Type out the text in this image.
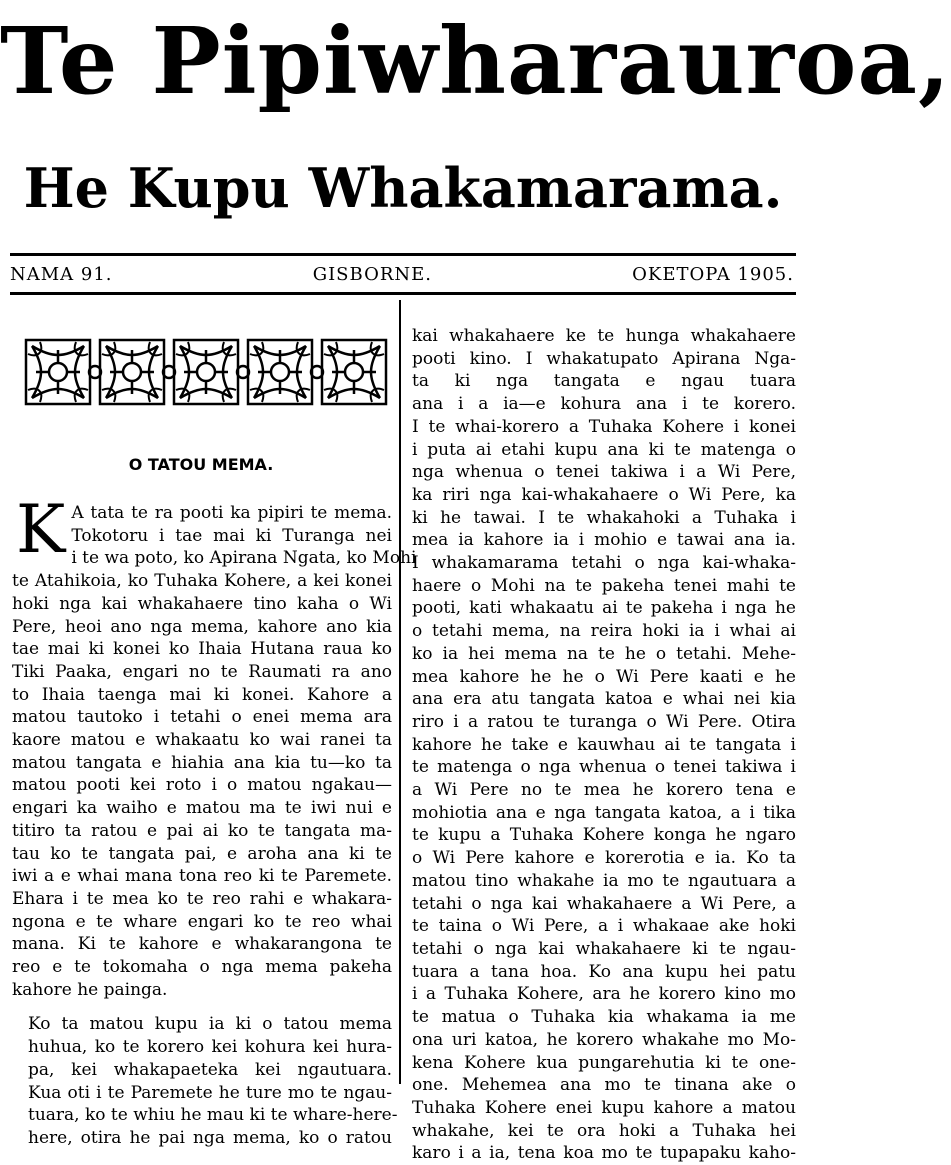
Te Pipiwharauroa,
He Kupu Whakamarama.
NAMA 91.	GISBORNE.	OKETOPA 1905.
O TATOU MEMA.

K A tata te ra pooti ka pipiri te mema.
Tokotoru i tae mai ki Turanga nei
i te wa poto, ko Apirana Ngata, ko Mohi
te Atahikoia, ko Tuhaka Kohere, a kei konei
hoki nga kai whakahaere tino kaha o Wi
Pere, heoi ano nga mema, kahore ano kia
tae mai ki konei ko Ihaia Hutana raua ko
Tiki Paaka, engari no te Raumati ra ano
to Ihaia taenga mai ki konei. Kahore a
matou tautoko i tetahi o enei mema ara
kaore matou e whakaatu ko wai ranei ta
matou tangata e hiahia ana kia tu—ko ta
matou pooti kei roto i o matou ngakau—
engari ka waiho e matou ma te iwi nui e
titiro ta ratou e pai ai ko te tangata ma-
tau ko te tangata pai, e aroha ana ki te
iwi a e whai mana tona reo ki te Paremete.
Ehara i te mea ko te reo rahi e whakara-
ngona e te whare engari ko te reo whai
mana. Ki te kahore e whakarangona te
reo e te tokomaha o nga mema pakeha
kahore he painga.

Ko ta matou kupu ia ki o tatou mema
huhua, ko te korero kei kohura kei hura-
pa, kei whakapaeteka kei ngautuara.
Kua oti i te Paremete he ture mo te ngau-
tuara, ko te whiu he mau ki te whare-here-
here, otira he pai nga mema, ko o ratou

kai whakahaere ke te hunga whakahaere
pooti kino. I whakatupato Apirana Nga-
ta ki nga tangata e ngau tuara
ana i a ia—e kohura ana i te korero.
I te whai-korero a Tuhaka Kohere i konei
i puta ai etahi kupu ana ki te matenga o
nga whenua o tenei takiwa i a Wi Pere,
ka riri nga kai-whakahaere o Wi Pere, ka
ki he tawai. I te whakahoki a Tuhaka i
mea ia kahore ia i mohio e tawai ana ia.
I whakamarama tetahi o nga kai-whaka-
haere o Mohi na te pakeha tenei mahi te
pooti, kati whakaatu ai te pakeha i nga he
o tetahi mema, na reira hoki ia i whai ai
ko ia hei mema na te he o tetahi. Mehe-
mea kahore he he o Wi Pere kaati e he
ana era atu tangata katoa e whai nei kia
riro i a ratou te turanga o Wi Pere. Otira
kahore he take e kauwhau ai te tangata i
te matenga o nga whenua o tenei takiwa i
a Wi Pere no te mea he korero tena e
mohiotia ana e nga tangata katoa, a i tika
te kupu a Tuhaka Kohere konga he ngaro
o Wi Pere kahore e korerotia e ia. Ko ta
matou tino whakahe ia mo te ngautuara a
tetahi o nga kai whakahaere a Wi Pere, a
te taina o Wi Pere, a i whakaae ake hoki
tetahi o nga kai whakahaere ki te ngau-
tuara a tana hoa. Ko ana kupu hei patu
i a Tuhaka Kohere, ara he korero kino mo
te matua o Tuhaka kia whakama ia me
ona uri katoa, he korero whakahe mo Mo-
kena Kohere kua pungarehutia ki te one-
one. Mehemea ana mo te tinana ake o
Tuhaka Kohere enei kupu kahore a matou
whakahe, kei te ora hoki a Tuhaka hei
karo i a ia, tena koa mo te tupapaku kaho-
